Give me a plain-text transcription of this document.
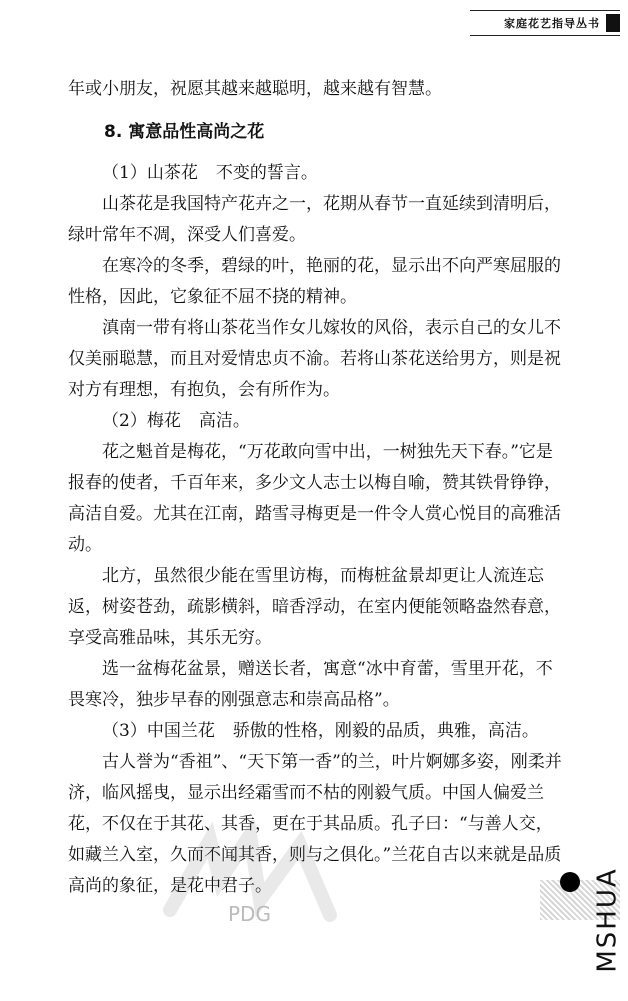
家庭花艺指导丛书

年或小朋友，祝愿其越来越聪明，越来越有智慧。

8. 寓意品性高尚之花

（1）山茶花 不变的誓言。

山茶花是我国特产花卉之一，花期从春节一直延续到清明后，绿叶常年不凋，深受人们喜爱。

在寒冷的冬季，碧绿的叶，艳丽的花，显示出不向严寒屈服的性格，因此，它象征不屈不挠的精神。

滇南一带有将山茶花当作女儿嫁妆的风俗，表示自己的女儿不仅美丽聪慧，而且对爱情忠贞不渝。若将山茶花送给男方，则是祝对方有理想，有抱负，会有所作为。

（2）梅花 高洁。

花之魁首是梅花，“万花敢向雪中出，一树独先天下春。”它是报春的使者，千百年来，多少文人志士以梅自喻，赞其铁骨铮铮，高洁自爱。尤其在江南，踏雪寻梅更是一件令人赏心悦目的高雅活动。

北方，虽然很少能在雪里访梅，而梅桩盆景却更让人流连忘返，树姿苍劲，疏影横斜，暗香浮动，在室内便能领略盎然春意，享受高雅品味，其乐无穷。

选一盆梅花盆景，赠送长者，寓意“冰中育蕾，雪里开花，不畏寒冷，独步早春的刚强意志和崇高品格”。

（3）中国兰花 骄傲的性格，刚毅的品质，典雅，高洁。

古人誉为“香祖”、“天下第一香”的兰，叶片婀娜多姿，刚柔并济，临风摇曳，显示出经霜雪而不枯的刚毅气质。中国人偏爱兰花，不仅在于其花、其香，更在于其品质。孔子曰：“与善人交，如藏兰入室，久而不闻其香，则与之俱化。”兰花自古以来就是品质高尚的象征，是花中君子。

PDG	MSHUA
